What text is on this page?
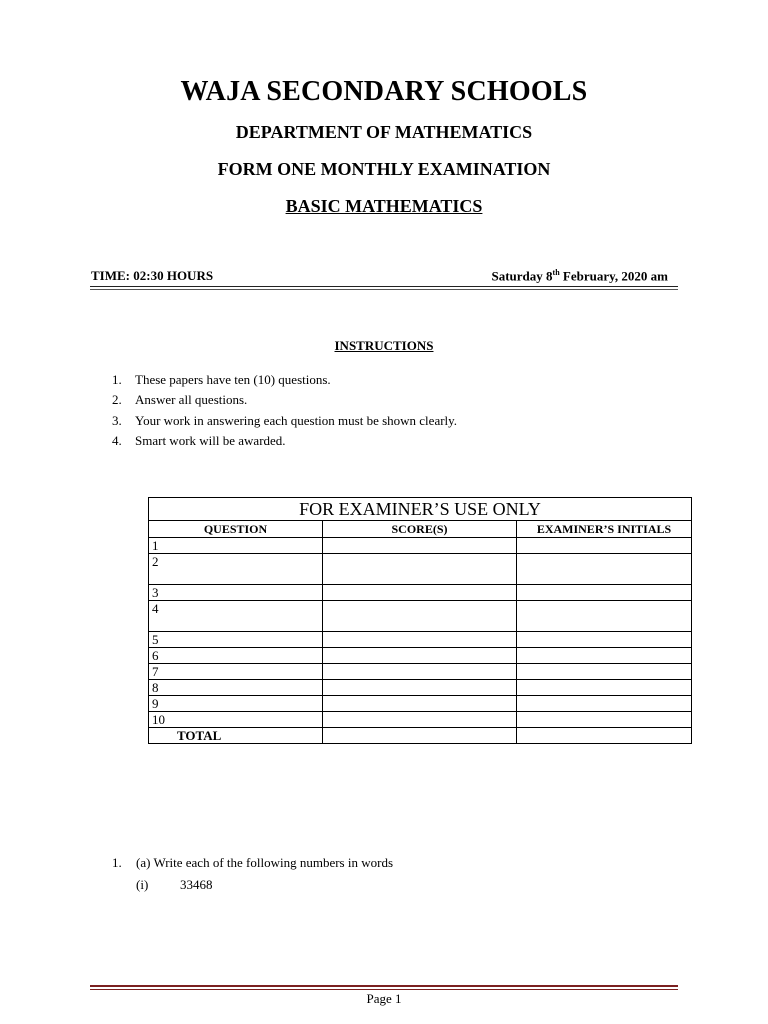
WAJA SECONDARY SCHOOLS
DEPARTMENT OF MATHEMATICS
FORM ONE MONTHLY EXAMINATION
BASIC MATHEMATICS
TIME: 02:30 HOURS	Saturday 8th February, 2020 am
INSTRUCTIONS
1. These papers have ten (10) questions.
2. Answer all questions.
3. Your work in answering each question must be shown clearly.
4. Smart work will be awarded.
FOR EXAMINER’S USE ONLY		
QUESTION	SCORE(S)	EXAMINER’S INITIALS
1		
2		
3		
4		
5		
6		
7		
8		
9		
10		
TOTAL		
1. (a) Write each of the following numbers in words
(i) 33468
Page 1
